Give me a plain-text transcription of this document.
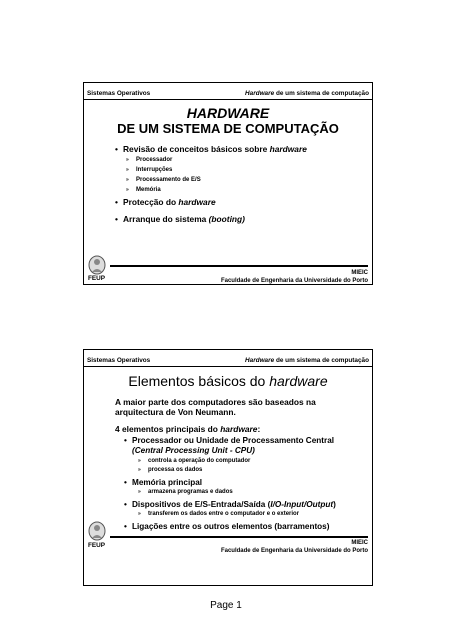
Sistemas Operativos	Hardware de um sistema de computação
HARDWARE
DE UM SISTEMA DE COMPUTAÇÃO
• Revisão de conceitos básicos sobre hardware
» Processador
» Interrupções
» Processamento de E/S
» Memória
• Protecção do hardware
• Arranque do sistema (booting)
FEUP
MIEIC
Faculdade de Engenharia da Universidade do Porto
Sistemas Operativos	Hardware de um sistema de computação
Elementos básicos do hardware
A maior parte dos computadores são baseados na arquitectura de Von Neumann.
4 elementos principais do hardware:
• Processador ou Unidade de Processamento Central
(Central Processing Unit - CPU)
» controla a operação do computador
» processa os dados
• Memória principal
» armazena programas e dados
• Dispositivos de E/S-Entrada/Saída (I/O-Input/Output)
» transferem os dados entre o computador e o exterior
• Ligações entre os outros elementos (barramentos)
FEUP	MIEIC
Faculdade de Engenharia da Universidade do Porto
Page 1
